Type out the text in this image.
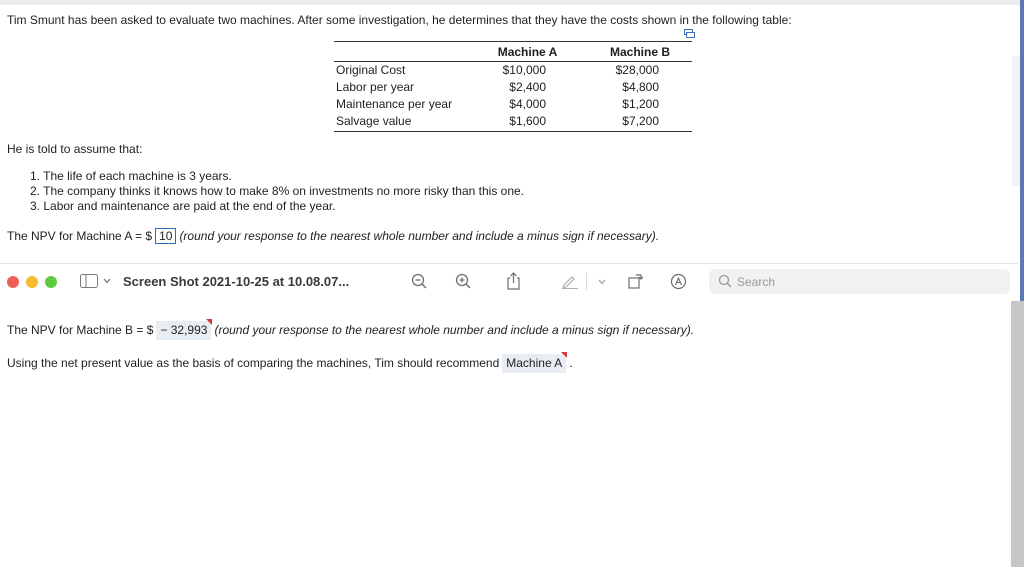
Tim Smunt has been asked to evaluate two machines. After some investigation, he determines that they have the costs shown in the following table:
	Machine A	Machine B
Original Cost	$10,000	$28,000
Labor per year	$2,400	$4,800
Maintenance per year	$4,000	$1,200
Salvage value	$1,600	$7,200
He is told to assume that:
1. The life of each machine is 3 years.
2. The company thinks it knows how to make 8% on investments no more risky than this one.
3. Labor and maintenance are paid at the end of the year.
The NPV for Machine A = $ 10 (round your response to the nearest whole number and include a minus sign if necessary).
Screen Shot 2021-10-25 at 10.08.07...	Search
The NPV for Machine B = $ − 32,993 (round your response to the nearest whole number and include a minus sign if necessary).
Using the net present value as the basis of comparing the machines, Tim should recommend Machine A .
